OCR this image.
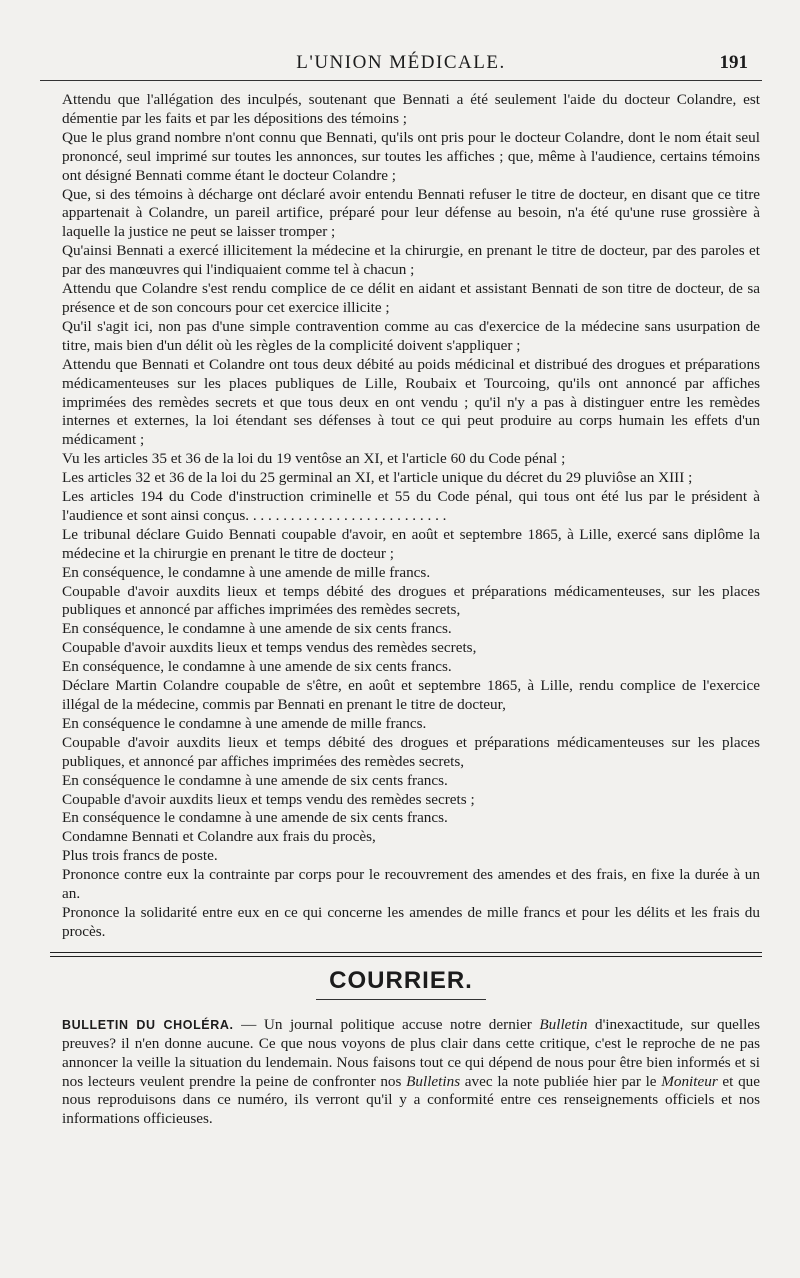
L'UNION MÉDICALE.	191

Attendu que l'allégation des inculpés, soutenant que Bennati a été seulement l'aide du docteur Colandre, est démentie par les faits et par les dépositions des témoins ;

Que le plus grand nombre n'ont connu que Bennati, qu'ils ont pris pour le docteur Colandre, dont le nom était seul prononcé, seul imprimé sur toutes les annonces, sur toutes les affiches ; que, même à l'audience, certains témoins ont désigné Bennati comme étant le docteur Colandre ;

Que, si des témoins à décharge ont déclaré avoir entendu Bennati refuser le titre de docteur, en disant que ce titre appartenait à Colandre, un pareil artifice, préparé pour leur défense au besoin, n'a été qu'une ruse grossière à laquelle la justice ne peut se laisser tromper ;

Qu'ainsi Bennati a exercé illicitement la médecine et la chirurgie, en prenant le titre de docteur, par des paroles et par des manœuvres qui l'indiquaient comme tel à chacun ;

Attendu que Colandre s'est rendu complice de ce délit en aidant et assistant Bennati de son titre de docteur, de sa présence et de son concours pour cet exercice illicite ;

Qu'il s'agit ici, non pas d'une simple contravention comme au cas d'exercice de la médecine sans usurpation de titre, mais bien d'un délit où les règles de la complicité doivent s'appliquer ;

Attendu que Bennati et Colandre ont tous deux débité au poids médicinal et distribué des drogues et préparations médicamenteuses sur les places publiques de Lille, Roubaix et Tourcoing, qu'ils ont annoncé par affiches imprimées des remèdes secrets et que tous deux en ont vendu ; qu'il n'y a pas à distinguer entre les remèdes internes et externes, la loi étendant ses défenses à tout ce qui peut produire au corps humain les effets d'un médicament ;

Vu les articles 35 et 36 de la loi du 19 ventôse an XI, et l'article 60 du Code pénal ;

Les articles 32 et 36 de la loi du 25 germinal an XI, et l'article unique du décret du 29 pluviôse an XIII ;

Les articles 194 du Code d'instruction criminelle et 55 du Code pénal, qui tous ont été lus par le président à l'audience et sont ainsi conçus. . . . . . . . . . . . . . . . . . . . . . . . . . .

Le tribunal déclare Guido Bennati coupable d'avoir, en août et septembre 1865, à Lille, exercé sans diplôme la médecine et la chirurgie en prenant le titre de docteur ;

En conséquence, le condamne à une amende de mille francs.

Coupable d'avoir auxdits lieux et temps débité des drogues et préparations médicamenteuses, sur les places publiques et annoncé par affiches imprimées des remèdes secrets,

En conséquence, le condamne à une amende de six cents francs.

Coupable d'avoir auxdits lieux et temps vendus des remèdes secrets,

En conséquence, le condamne à une amende de six cents francs.

Déclare Martin Colandre coupable de s'être, en août et septembre 1865, à Lille, rendu complice de l'exercice illégal de la médecine, commis par Bennati en prenant le titre de docteur,

En conséquence le condamne à une amende de mille francs.

Coupable d'avoir auxdits lieux et temps débité des drogues et préparations médicamenteuses sur les places publiques, et annoncé par affiches imprimées des remèdes secrets,

En conséquence le condamne à une amende de six cents francs.

Coupable d'avoir auxdits lieux et temps vendu des remèdes secrets ;

En conséquence le condamne à une amende de six cents francs.

Condamne Bennati et Colandre aux frais du procès,

Plus trois francs de poste.

Prononce contre eux la contrainte par corps pour le recouvrement des amendes et des frais, en fixe la durée à un an.

Prononce la solidarité entre eux en ce qui concerne les amendes de mille francs et pour les délits et les frais du procès.

COURRIER.
BULLETIN DU CHOLÉRA. — Un journal politique accuse notre dernier Bulletin d'inexactitude, sur quelles preuves? il n'en donne aucune. Ce que nous voyons de plus clair dans cette critique, c'est le reproche de ne pas annoncer la veille la situation du lendemain. Nous faisons tout ce qui dépend de nous pour être bien informés et si nos lecteurs veulent prendre la peine de confronter nos Bulletins avec la note publiée hier par le Moniteur et que nous reproduisons dans ce numéro, ils verront qu'il y a conformité entre ces renseignements officiels et nos informations officieuses.
